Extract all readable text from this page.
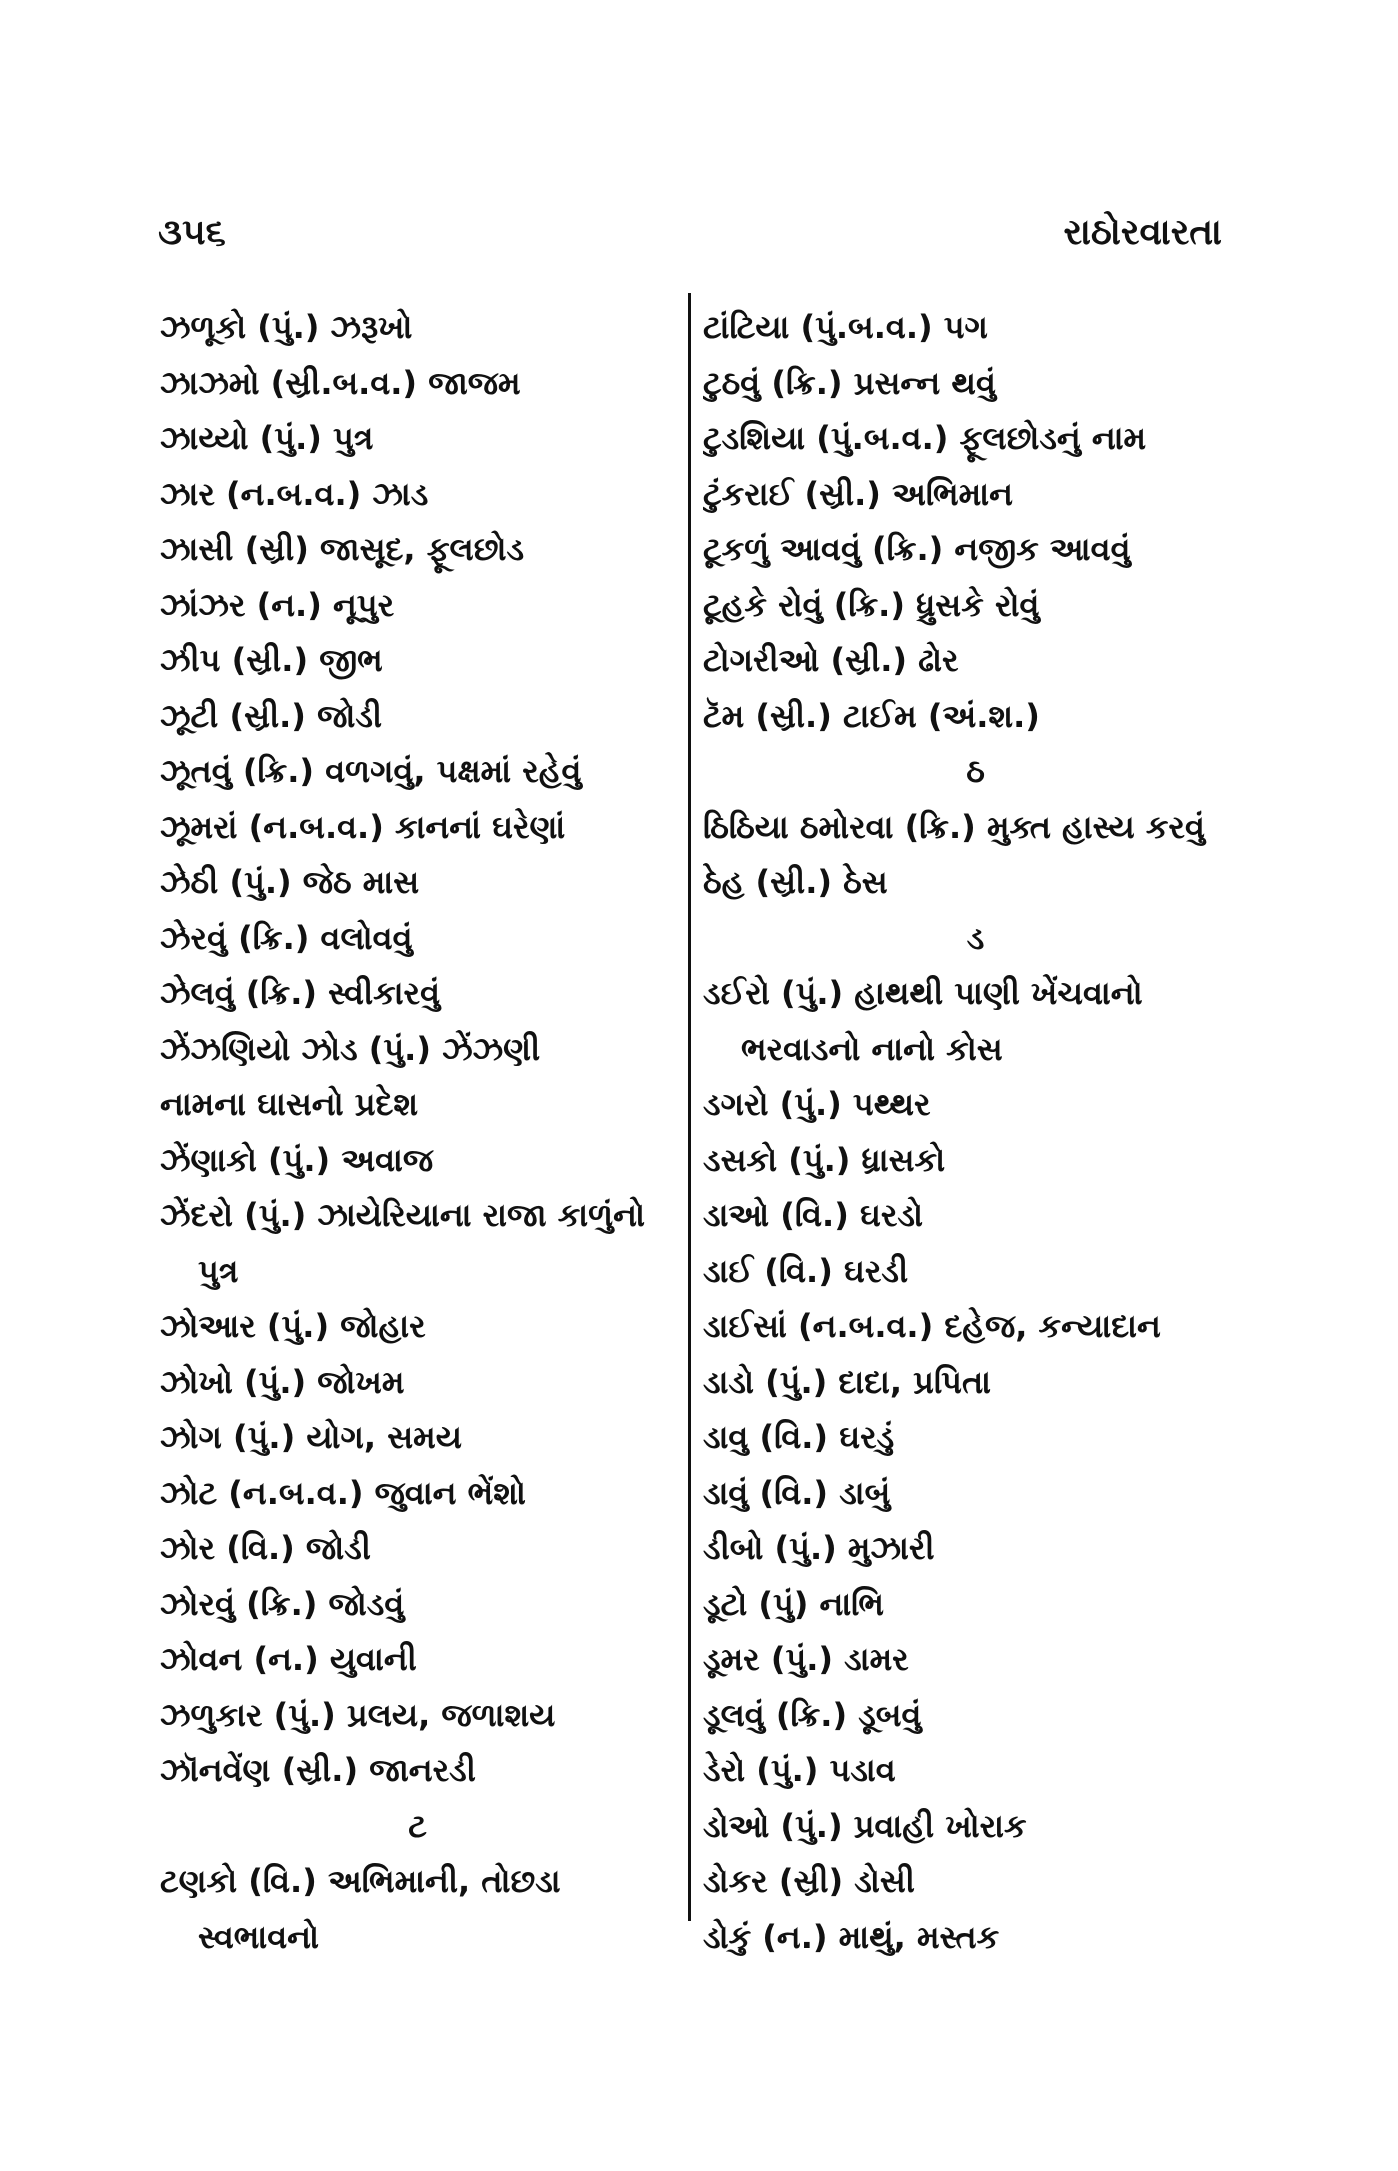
૩૫૬	રાઠોરવારતા
ઝળૂકો (પું.) ઝરૂખો
ઝાઝમો (સ્રી.બ.વ.) જાજમ
ઝાય્યો (પું.) પુત્ર
ઝાર (ન.બ.વ.) ઝાડ
ઝાસી (સ્રી) જાસૂદ, ફૂલછોડ
ઝાંઝર (ન.) નૂપુર
ઝીપ (સ્રી.) જીભ
ઝૂટી (સ્રી.) જોડી
ઝૂતવું (ક્રિ.) વળગવું, પક્ષમાં રહેવું
ઝૂમરાં (ન.બ.વ.) કાનનાં ઘરેણાં
ઝેઠી (પું.) જેઠ માસ
ઝેરવું (ક્રિ.) વલોવવું
ઝેલવું (ક્રિ.) સ્વીકારવું
ઝેંઝણિયો ઝોડ (પું.) ઝેંઝણી
નામના ઘાસનો પ્રદેશ
ઝેંણાકો (પું.) અવાજ
ઝેંદરો (પું.) ઝાયેરિયાના રાજા કાળુંનો
પુત્ર
ઝોઆર (પું.) જોહાર
ઝોખો (પું.) જોખમ
ઝોગ (પું.) યોગ, સમય
ઝોટ (ન.બ.વ.) જુવાન ભેંશો
ઝોર (વિ.) જોડી
ઝોરવું (ક્રિ.) જોડવું
ઝોવન (ન.) યુવાની
ઝળુકાર (પું.) પ્રલય, જળાશય
ઝૉનવેંણ (સ્રી.) જાનરડી
ટ
ટણકો (વિ.) અભિમાની, તોછડા
સ્વભાવનો
ટાંટિયા (પું.બ.વ.) પગ
ટુઠવું (ક્રિ.) પ્રસન્ન થવું
ટુડશિયા (પું.બ.વ.) ફૂલછોડનું નામ
ટુંકરાઈ (સ્રી.) અભિમાન
ટૂકળું આવવું (ક્રિ.) નજીક આવવું
ટૂહકે રોવું (ક્રિ.) ધ્રુસકે રોવું
ટોગરીઓ (સ્રી.) ઢોર
ટૅમ (સ્રી.) ટાઈમ (અં.શ.)
ઠ
ઠિઠિયા ઠમોરવા (ક્રિ.) મુક્ત હાસ્ય કરવું
ઠેહ (સ્રી.) ઠેસ
ડ
ડઈરો (પું.) હાથથી પાણી ખેંચવાનો
ભરવાડનો નાનો કોસ
ડગરો (પું.) પથ્થર
ડસકો (પું.) ધ્રાસકો
ડાઓ (વિ.) ઘરડો
ડાઈ (વિ.) ઘરડી
ડાઈસાં (ન.બ.વ.) દહેજ, કન્યાદાન
ડાડો (પું.) દાદા, પ્રપિતા
ડાવુ (વિ.) ઘરડું
ડાવું (વિ.) ડાબું
ડીબો (પું.) મુઝારી
ડૂટો (પું) નાભિ
ડૂમર (પું.) ડામર
ડૂલવું (ક્રિ.) ડૂબવું
ડેરો (પું.) પડાવ
ડોઓ (પું.) પ્રવાહી ખોરાક
ડોકર (સ્રી) ડોસી
ડોકું (ન.) માથું, મસ્તક
